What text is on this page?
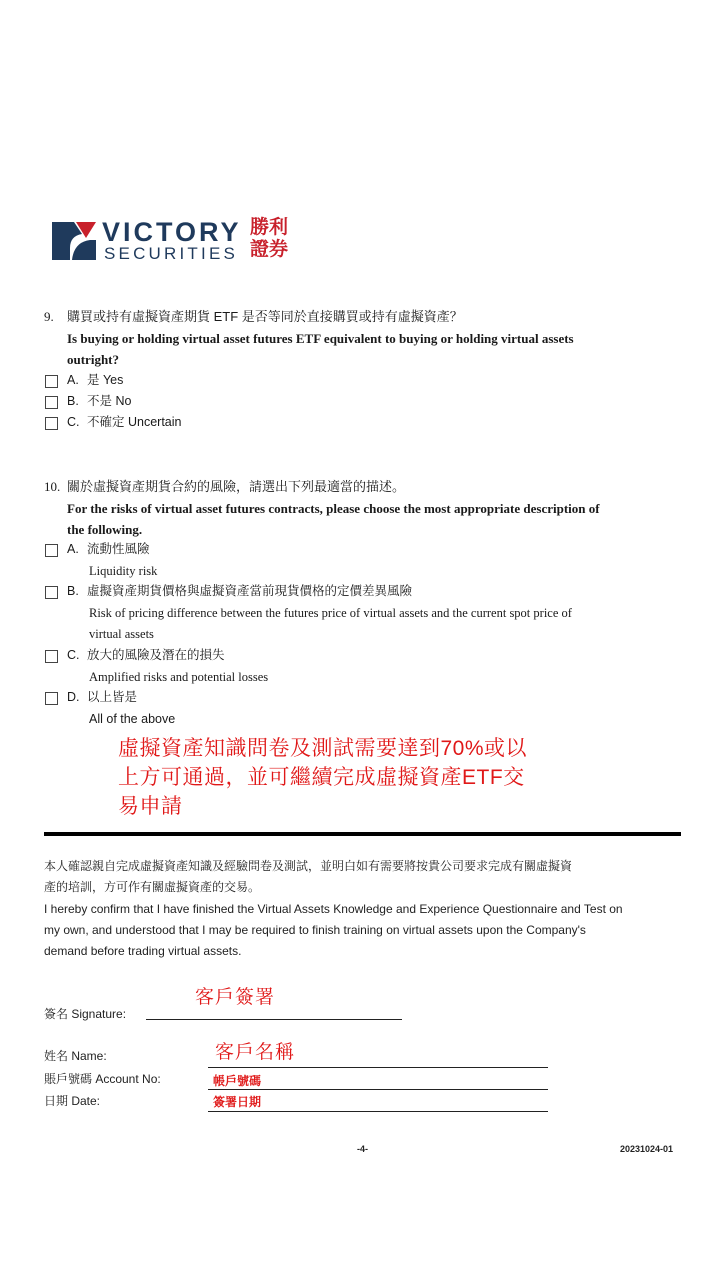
VICTORY
SECURITIES
勝利
證券
9. 購買或持有虛擬資產期貨 ETF 是否等同於直接購買或持有虛擬資產？
Is buying or holding virtual asset futures ETF equivalent to buying or holding virtual assets
outright?
A. 是 Yes
B. 不是 No
C. 不確定 Uncertain
10. 關於虛擬資產期貨合約的風險，請選出下列最適當的描述。
For the risks of virtual asset futures contracts, please choose the most appropriate description of
the following.
A. 流動性風險
Liquidity risk
B. 虛擬資產期貨價格與虛擬資產當前現貨價格的定價差異風險
Risk of pricing difference between the futures price of virtual assets and the current spot price of
virtual assets
C. 放大的風險及潛在的損失
Amplified risks and potential losses
D. 以上皆是
All of the above
虛擬資產知識問卷及測試需要達到70%或以
上方可通過，並可繼續完成虛擬資產ETF交
易申請
本人確認親自完成虛擬資產知識及經驗問卷及測試，並明白如有需要將按貴公司要求完成有關虛擬資
產的培訓，方可作有關虛擬資產的交易。
I hereby confirm that I have finished the Virtual Assets Knowledge and Experience Questionnaire and Test on
my own, and understood that I may be required to finish training on virtual assets upon the Company's
demand before trading virtual assets.
客戶簽署
簽名 Signature:
客戶名稱
姓名 Name:
賬戶號碼 Account No:	帳戶號碼
日期 Date:	簽署日期
-4-	20231024-01
